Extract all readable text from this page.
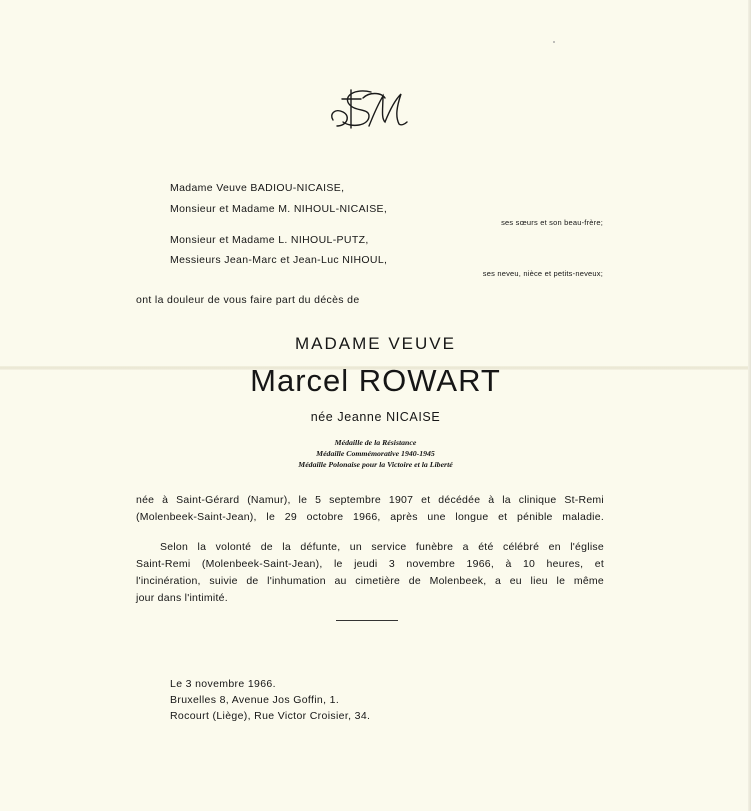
Madame Veuve BADIOU-NICAISE,
Monsieur et Madame M. NIHOUL-NICAISE,
ses sœurs et son beau-frère;
Monsieur et Madame L. NIHOUL-PUTZ,
Messieurs Jean-Marc et Jean-Luc NIHOUL,
ses neveu, nièce et petits-neveux;
ont la douleur de vous faire part du décès de
MADAME VEUVE
Marcel ROWART
née Jeanne NICAISE
Médaille de la Résistance
Médaille Commémorative 1940-1945
Médaille Polonaise pour la Victoire et la Liberté
née à Saint-Gérard (Namur), le 5 septembre 1907 et décédée à la clinique St-Remi
(Molenbeek-Saint-Jean), le 29 octobre 1966, après une longue et pénible maladie.
Selon la volonté de la défunte, un service funèbre a été célébré en l'église
Saint-Remi (Molenbeek-Saint-Jean), le jeudi 3 novembre 1966, à 10 heures, et
l'incinération, suivie de l'inhumation au cimetière de Molenbeek, a eu lieu le même
jour dans l'intimité.
Le 3 novembre 1966.
Bruxelles 8, Avenue Jos Goffin, 1.
Rocourt (Liège), Rue Victor Croisier, 34.
